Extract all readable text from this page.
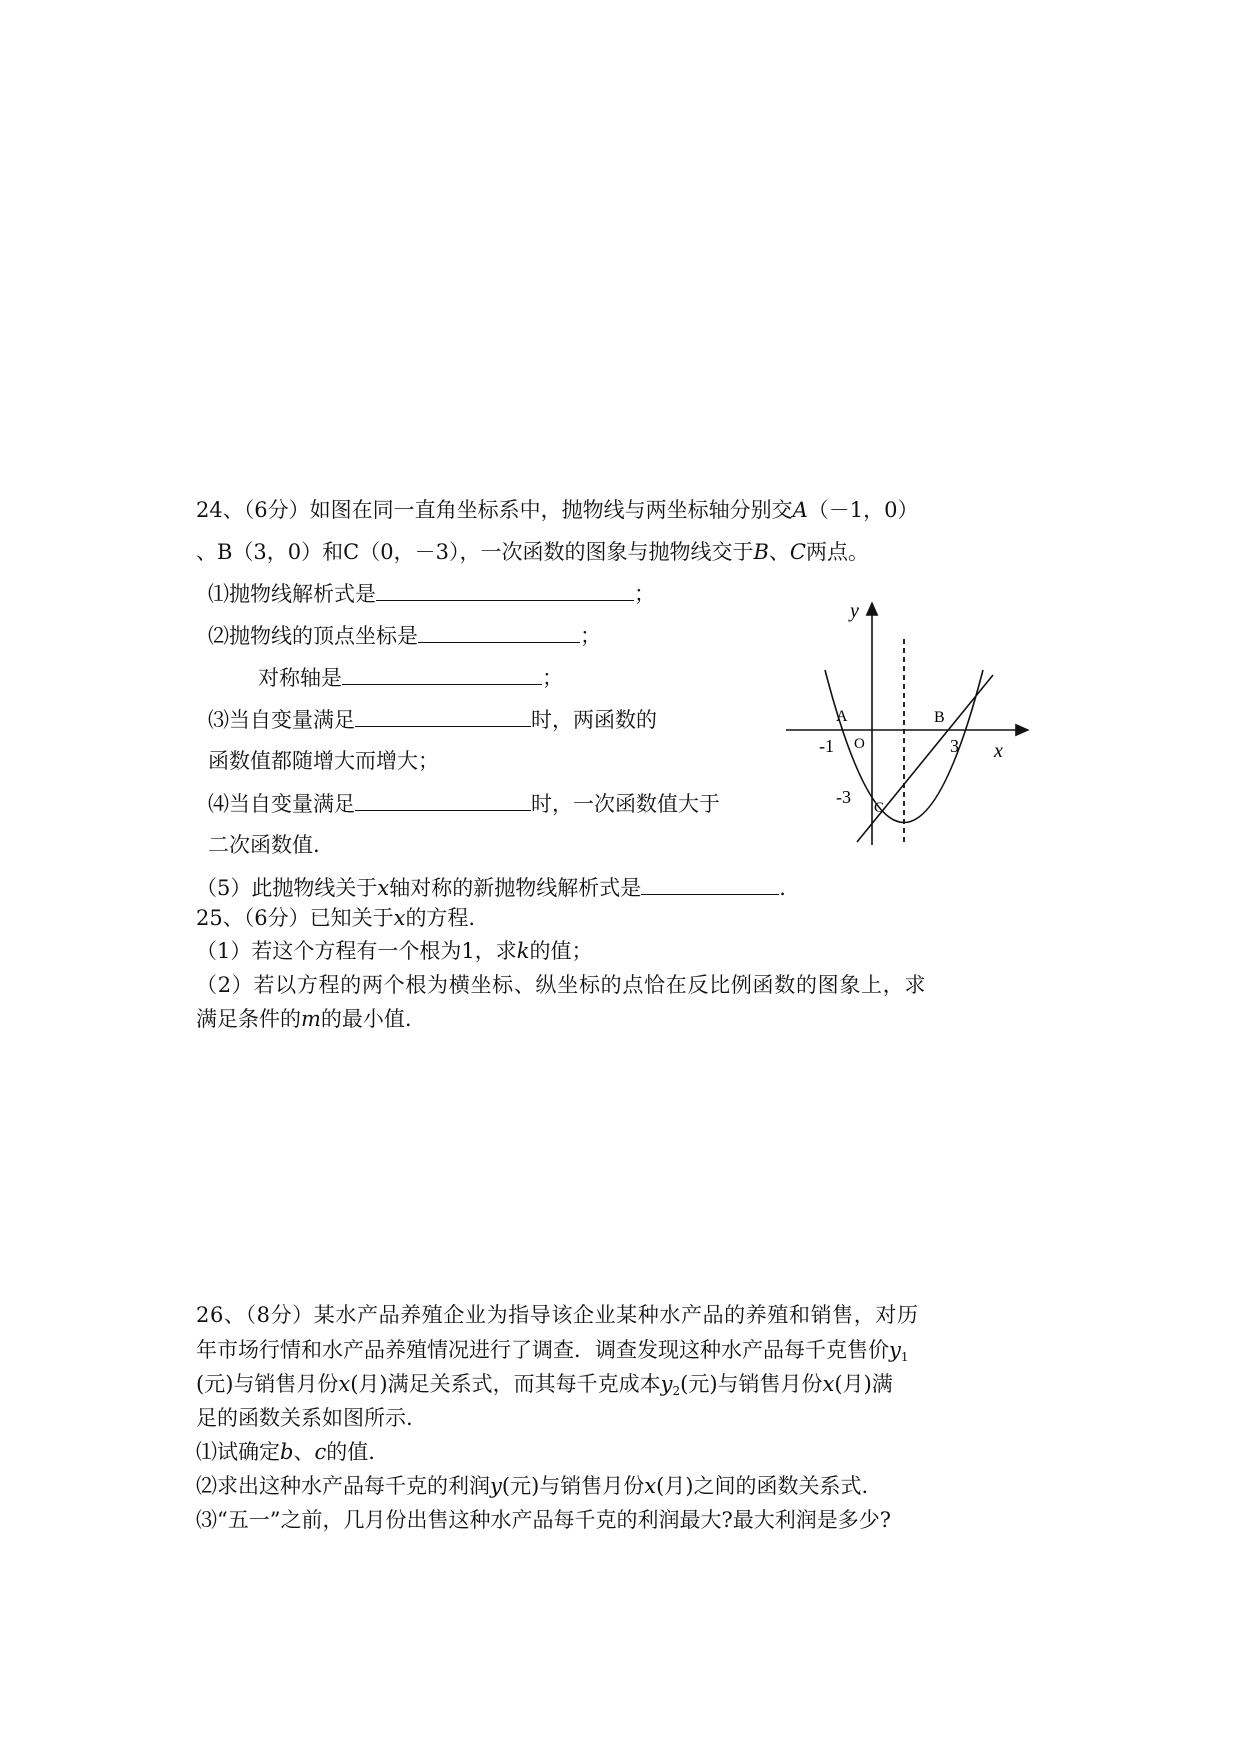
24、（6分）如图在同一直角坐标系中，抛物线与两坐标轴分别交A（－1，0）
、B（3，0）和C（0，－3），一次函数的图象与抛物线交于B、C两点。
⑴抛物线解析式是	；
⑵抛物线的顶点坐标是	；
对称轴是	；
⑶当自变量满足	时，两函数的
函数值都随增大而增大；
⑷当自变量满足	时，一次函数值大于
二次函数值.
（5）此抛物线关于x轴对称的新抛物线解析式是	.
y
x
A	B
C
O
-1	3
-3
25、（6分）已知关于x的方程.
（1）若这个方程有一个根为1，求k的值；
（2）若以方程的两个根为横坐标、纵坐标的点恰在反比例函数的图象上，求
满足条件的m的最小值.
26、（8分）某水产品养殖企业为指导该企业某种水产品的养殖和销售，对历
年市场行情和水产品养殖情况进行了调查．调查发现这种水产品每千克售价$y_1$
(元)与销售月份x(月)满足关系式，而其每千克成本$y_2$(元)与销售月份x(月)满
足的函数关系如图所示.
⑴试确定b、c的值.
⑵求出这种水产品每千克的利润y(元)与销售月份x(月)之间的函数关系式.
⑶“五一”之前，几月份出售这种水产品每千克的利润最大?最大利润是多少?
